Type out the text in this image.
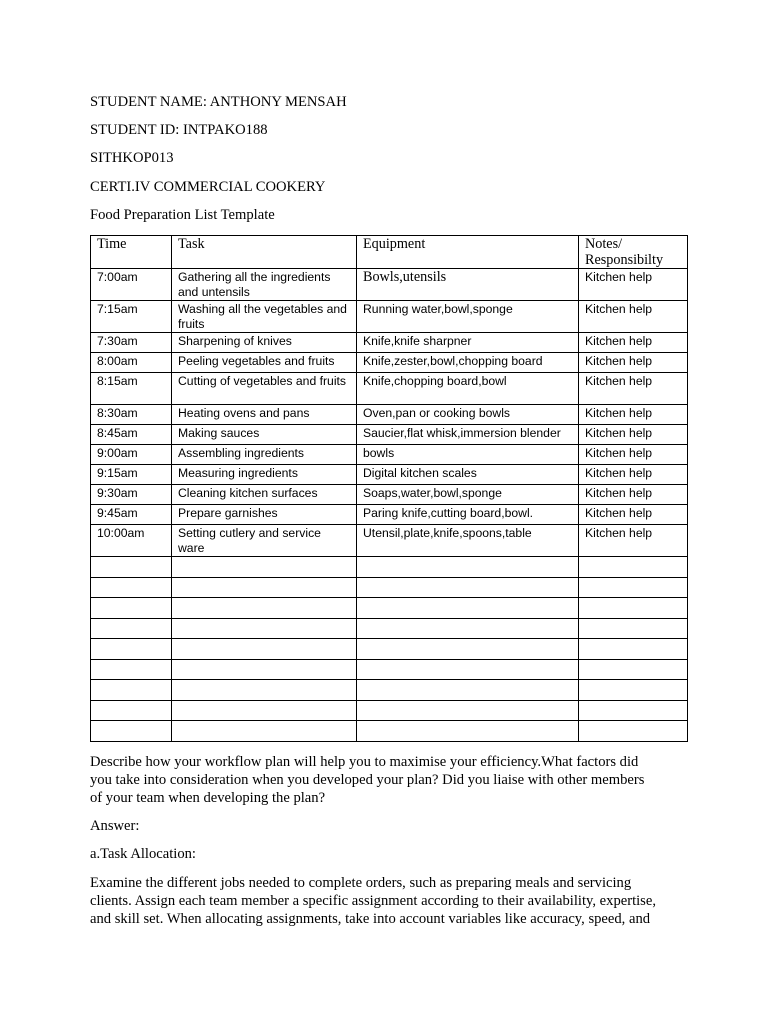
STUDENT NAME: ANTHONY MENSAH
STUDENT ID: INTPAKO188
SITHKOP013
CERTI.IV COMMERCIAL COOKERY
Food Preparation List Template
Time	Task	Equipment	Notes/ Responsibilty
7:00am	Gathering all the ingredients and untensils	Bowls,utensils	Kitchen help
7:15am	Washing all the vegetables and fruits	Running water,bowl,sponge	Kitchen help
7:30am	Sharpening of knives	Knife,knife sharpner	Kitchen help
8:00am	Peeling vegetables and fruits	Knife,zester,bowl,chopping board	Kitchen help
8:15am	Cutting of vegetables and fruits	Knife,chopping board,bowl	Kitchen help
8:30am	Heating ovens and pans	Oven,pan or cooking bowls	Kitchen help
8:45am	Making sauces	Saucier,flat whisk,immersion blender	Kitchen help
9:00am	Assembling ingredients	bowls	Kitchen help
9:15am	Measuring ingredients	Digital kitchen scales	Kitchen help
9:30am	Cleaning kitchen surfaces	Soaps,water,bowl,sponge	Kitchen help
9:45am	Prepare garnishes	Paring knife,cutting board,bowl.	Kitchen help
10:00am	Setting cutlery and service ware	Utensil,plate,knife,spoons,table	Kitchen help

Describe how your workflow plan will help you to maximise your efficiency.What factors did
you take into consideration when you developed your plan? Did you liaise with other members
of your team when developing the plan?
Answer:
a.Task Allocation:
Examine the different jobs needed to complete orders, such as preparing meals and servicing
clients. Assign each team member a specific assignment according to their availability, expertise,
and skill set. When allocating assignments, take into account variables like accuracy, speed, and
